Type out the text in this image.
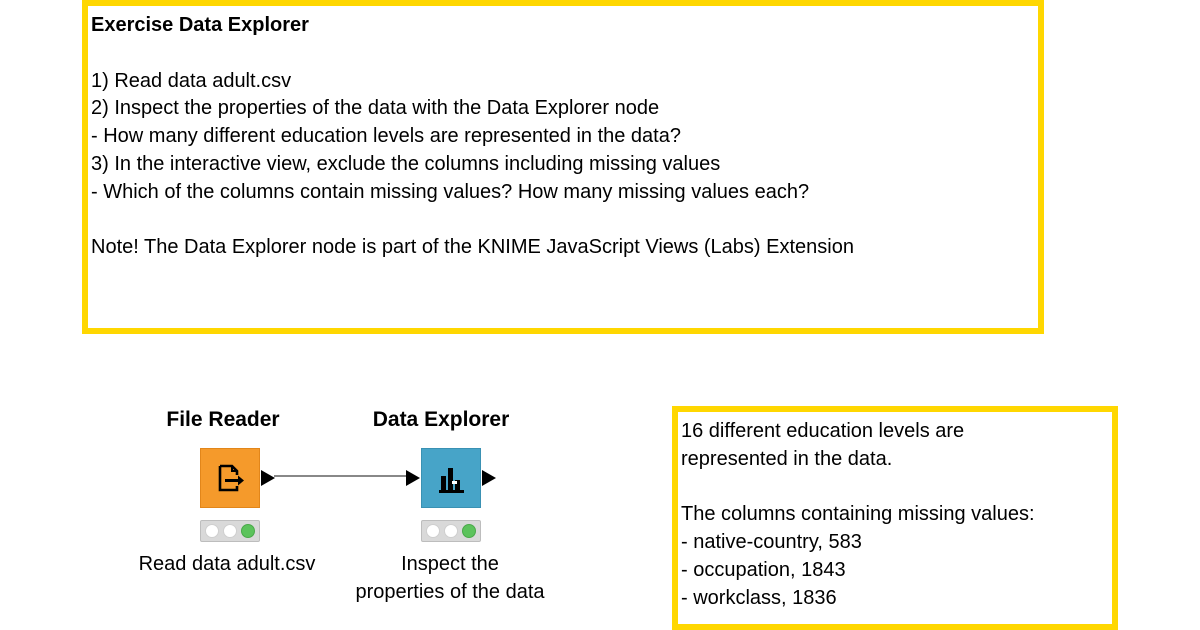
Exercise Data Explorer
1) Read data adult.csv
2) Inspect the properties of the data with the Data Explorer node
- How many different education levels are represented in the data?
3) In the interactive view, exclude the columns including missing values
- Which of the columns contain missing values? How many missing values each?
Note! The Data Explorer node is part of the KNIME JavaScript Views (Labs) Extension
File Reader
Read data adult.csv
Data Explorer
Inspect the
properties of the data
16 different education levels are
represented in the data.
The columns containing missing values:
- native-country, 583
- occupation, 1843
- workclass, 1836
